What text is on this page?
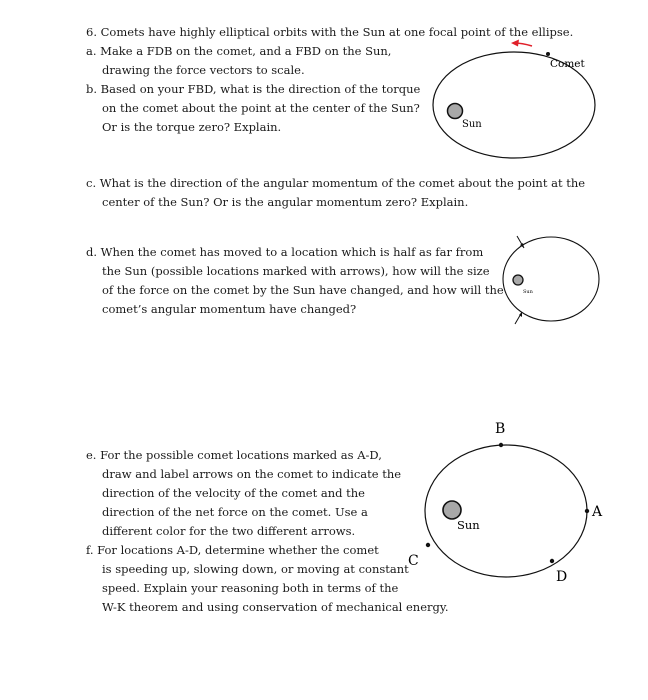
6. Comets have highly elliptical orbits with the Sun at one focal point of the ellipse.
a. Make a FDB on the comet, and a FBD on the Sun,
drawing the force vectors to scale.
b. Based on your FBD, what is the direction of the torque
on the comet about the point at the center of the Sun?
Or is the torque zero? Explain.
c. What is the direction of the angular momentum of the comet about the point at the
center of the Sun? Or is the angular momentum zero? Explain.
d. When the comet has moved to a location which is half as far from
the Sun (possible locations marked with arrows), how will the size
of the force on the comet by the Sun have changed, and how will the
comet’s angular momentum have changed?
e. For the possible comet locations marked as A-D,
draw and label arrows on the comet to indicate the
direction of the velocity of the comet and the
direction of the net force on the comet. Use a
different color for the two different arrows.
f. For locations A-D, determine whether the comet
is speeding up, slowing down, or moving at constant
speed. Explain your reasoning both in terms of the
W-K theorem and using conservation of mechanical energy.
Sun
Comet
Sun
Sun
A
B
C
D
